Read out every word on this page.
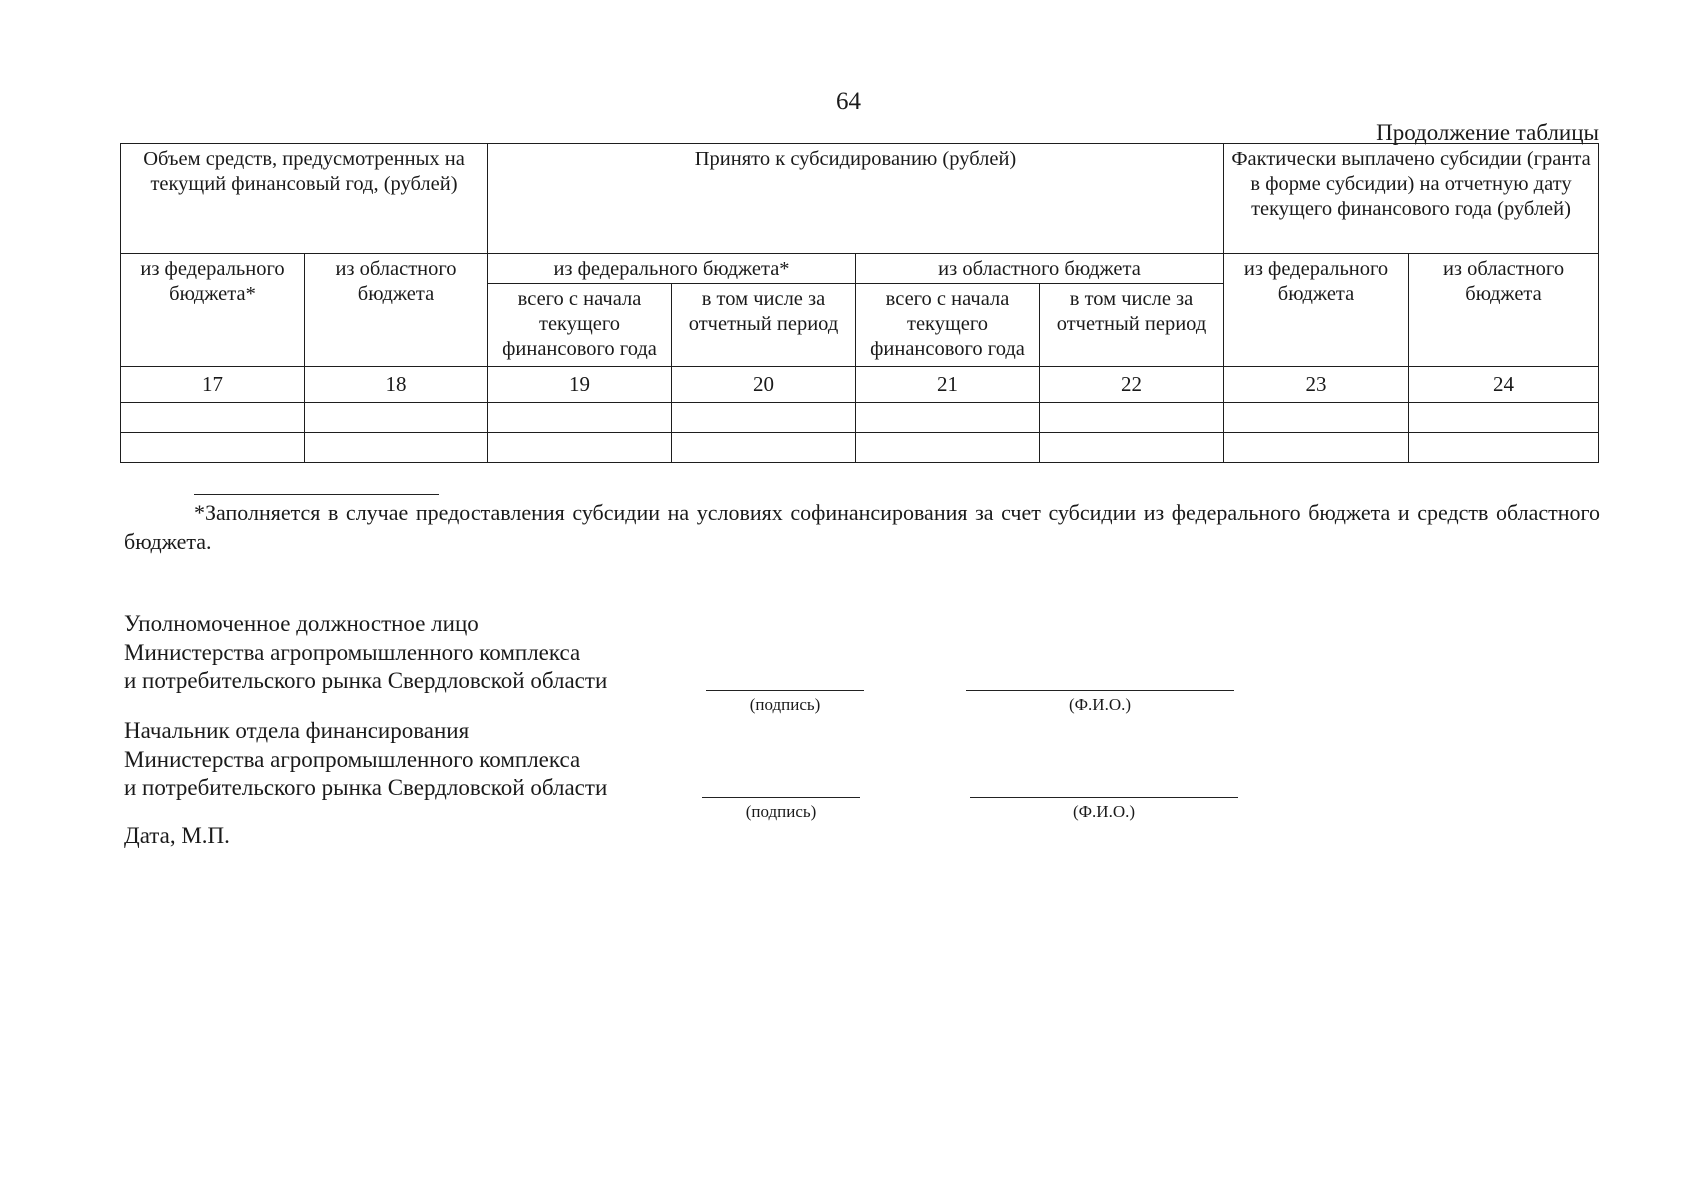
64
Продолжение таблицы
Объем средств, предусмотренных на текущий финансовый год, (рублей)		Принято к субсидированию (рублей)				Фактически выплачено субсидии (гранта в форме субсидии) на отчетную дату текущего финансового года (рублей)	
из федерального бюджета*	из областного бюджета	из федерального бюджета*		из областного бюджета		из федерального бюджета	из областного бюджета
		всего с начала текущего финансового года	в том числе за отчетный период	всего с начала текущего финансового года	в том числе за отчетный период		
17	18	19	20	21	22	23	24

*Заполняется в случае предоставления субсидии на условиях софинансирования за счет субсидии из федерального бюджета и средств областного бюджета.
Уполномоченное должностное лицо
Министерства агропромышленного комплекса
и потребительского рынка Свердловской области
(подпись)	(Ф.И.О.)
Начальник отдела финансирования
Министерства агропромышленного комплекса
и потребительского рынка Свердловской области
(подпись)	(Ф.И.О.)
Дата, М.П.
